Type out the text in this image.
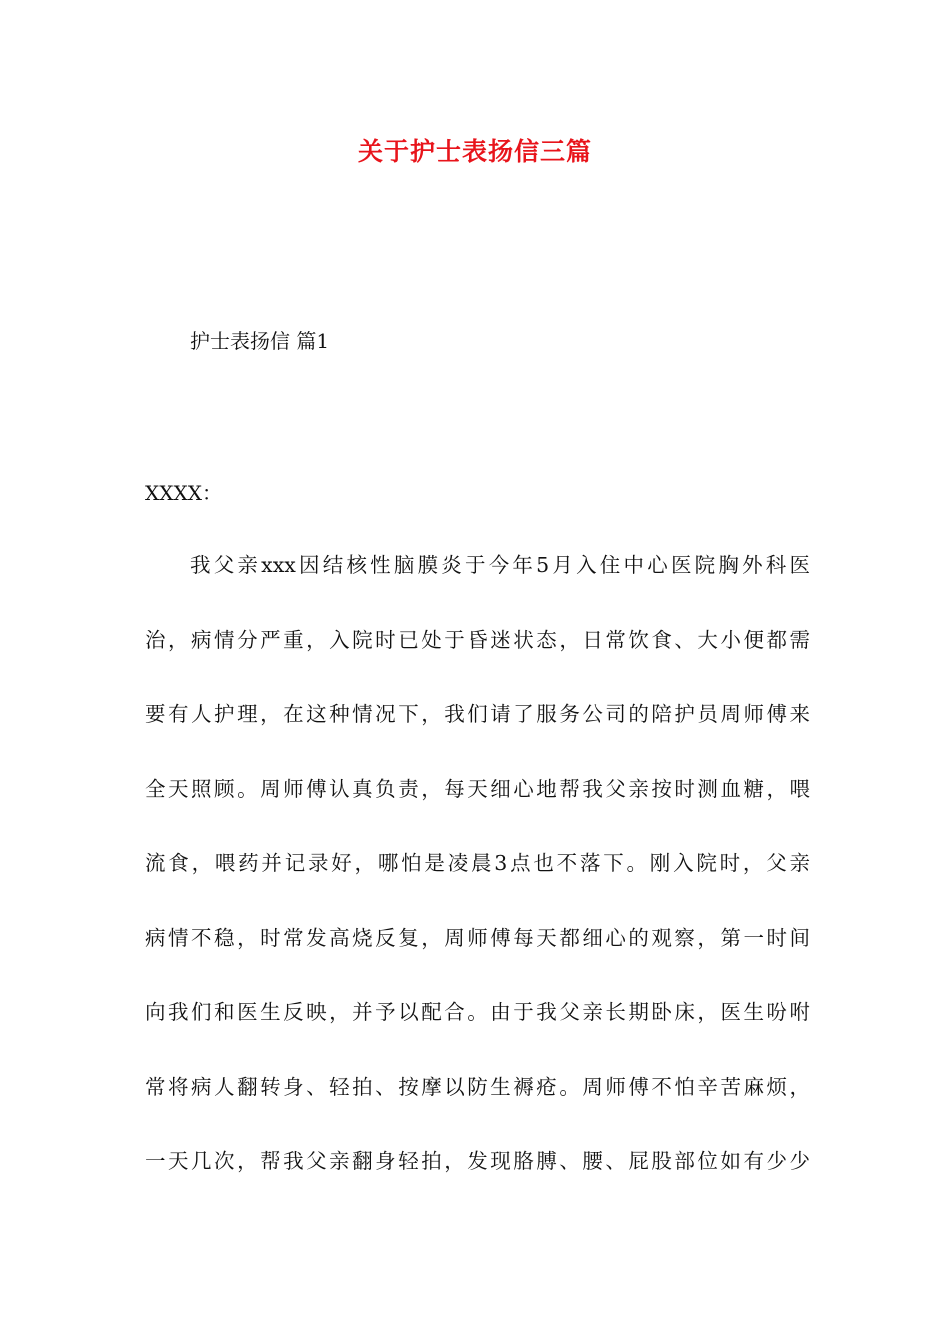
关于护士表扬信三篇
护士表扬信 篇1
XXXX：
我父亲xxx因结核性脑膜炎于今年5月入住中心医院胸外科医
治，病情分严重，入院时已处于昏迷状态，日常饮食、大小便都需
要有人护理，在这种情况下，我们请了服务公司的陪护员周师傅来
全天照顾。周师傅认真负责，每天细心地帮我父亲按时测血糖，喂
流食，喂药并记录好，哪怕是凌晨3点也不落下。刚入院时，父亲
病情不稳，时常发高烧反复，周师傅每天都细心的观察，第一时间
向我们和医生反映，并予以配合。由于我父亲长期卧床，医生吩咐
常将病人翻转身、轻拍、按摩以防生褥疮。周师傅不怕辛苦麻烦，
一天几次，帮我父亲翻身轻拍，发现胳膊、腰、屁股部位如有少少
